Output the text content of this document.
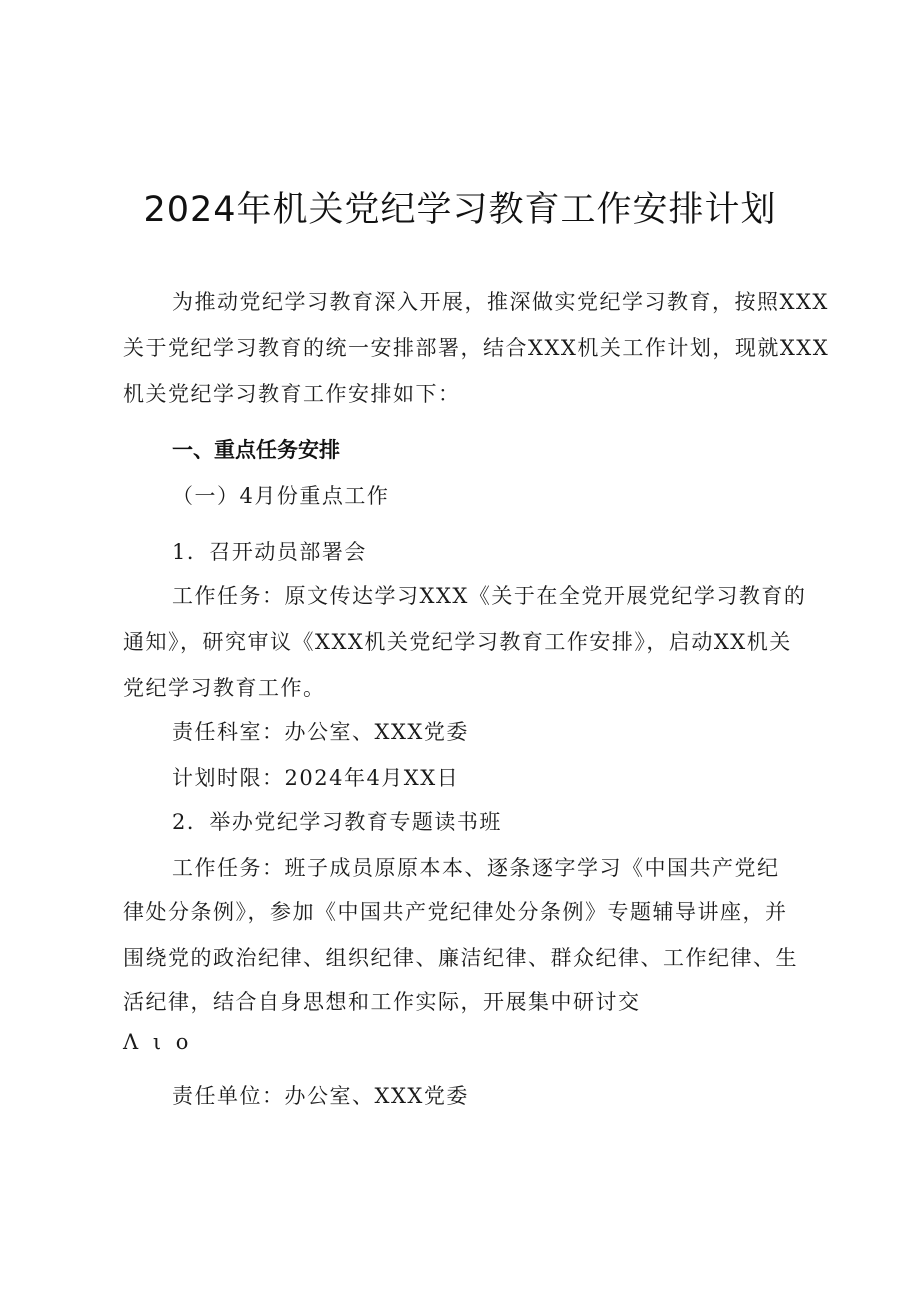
2024年机关党纪学习教育工作安排计划
为推动党纪学习教育深入开展，推深做实党纪学习教育，按照XXX
关于党纪学习教育的统一安排部署，结合XXX机关工作计划，现就XXX
机关党纪学习教育工作安排如下：
一、重点任务安排
（一）4月份重点工作
1．召开动员部署会
工作任务：原文传达学习XXX《关于在全党开展党纪学习教育的
通知》，研究审议《XXX机关党纪学习教育工作安排》，启动XX机关
党纪学习教育工作。
责任科室：办公室、XXX党委
计划时限：2024年4月XX日
2．举办党纪学习教育专题读书班
工作任务：班子成员原原本本、逐条逐字学习《中国共产党纪
律处分条例》，参加《中国共产党纪律处分条例》专题辅导讲座，并
围绕党的政治纪律、组织纪律、廉洁纪律、群众纪律、工作纪律、生
活纪律，结合自身思想和工作实际，开展集中研讨交
Λ ι o
责任单位：办公室、XXX党委
